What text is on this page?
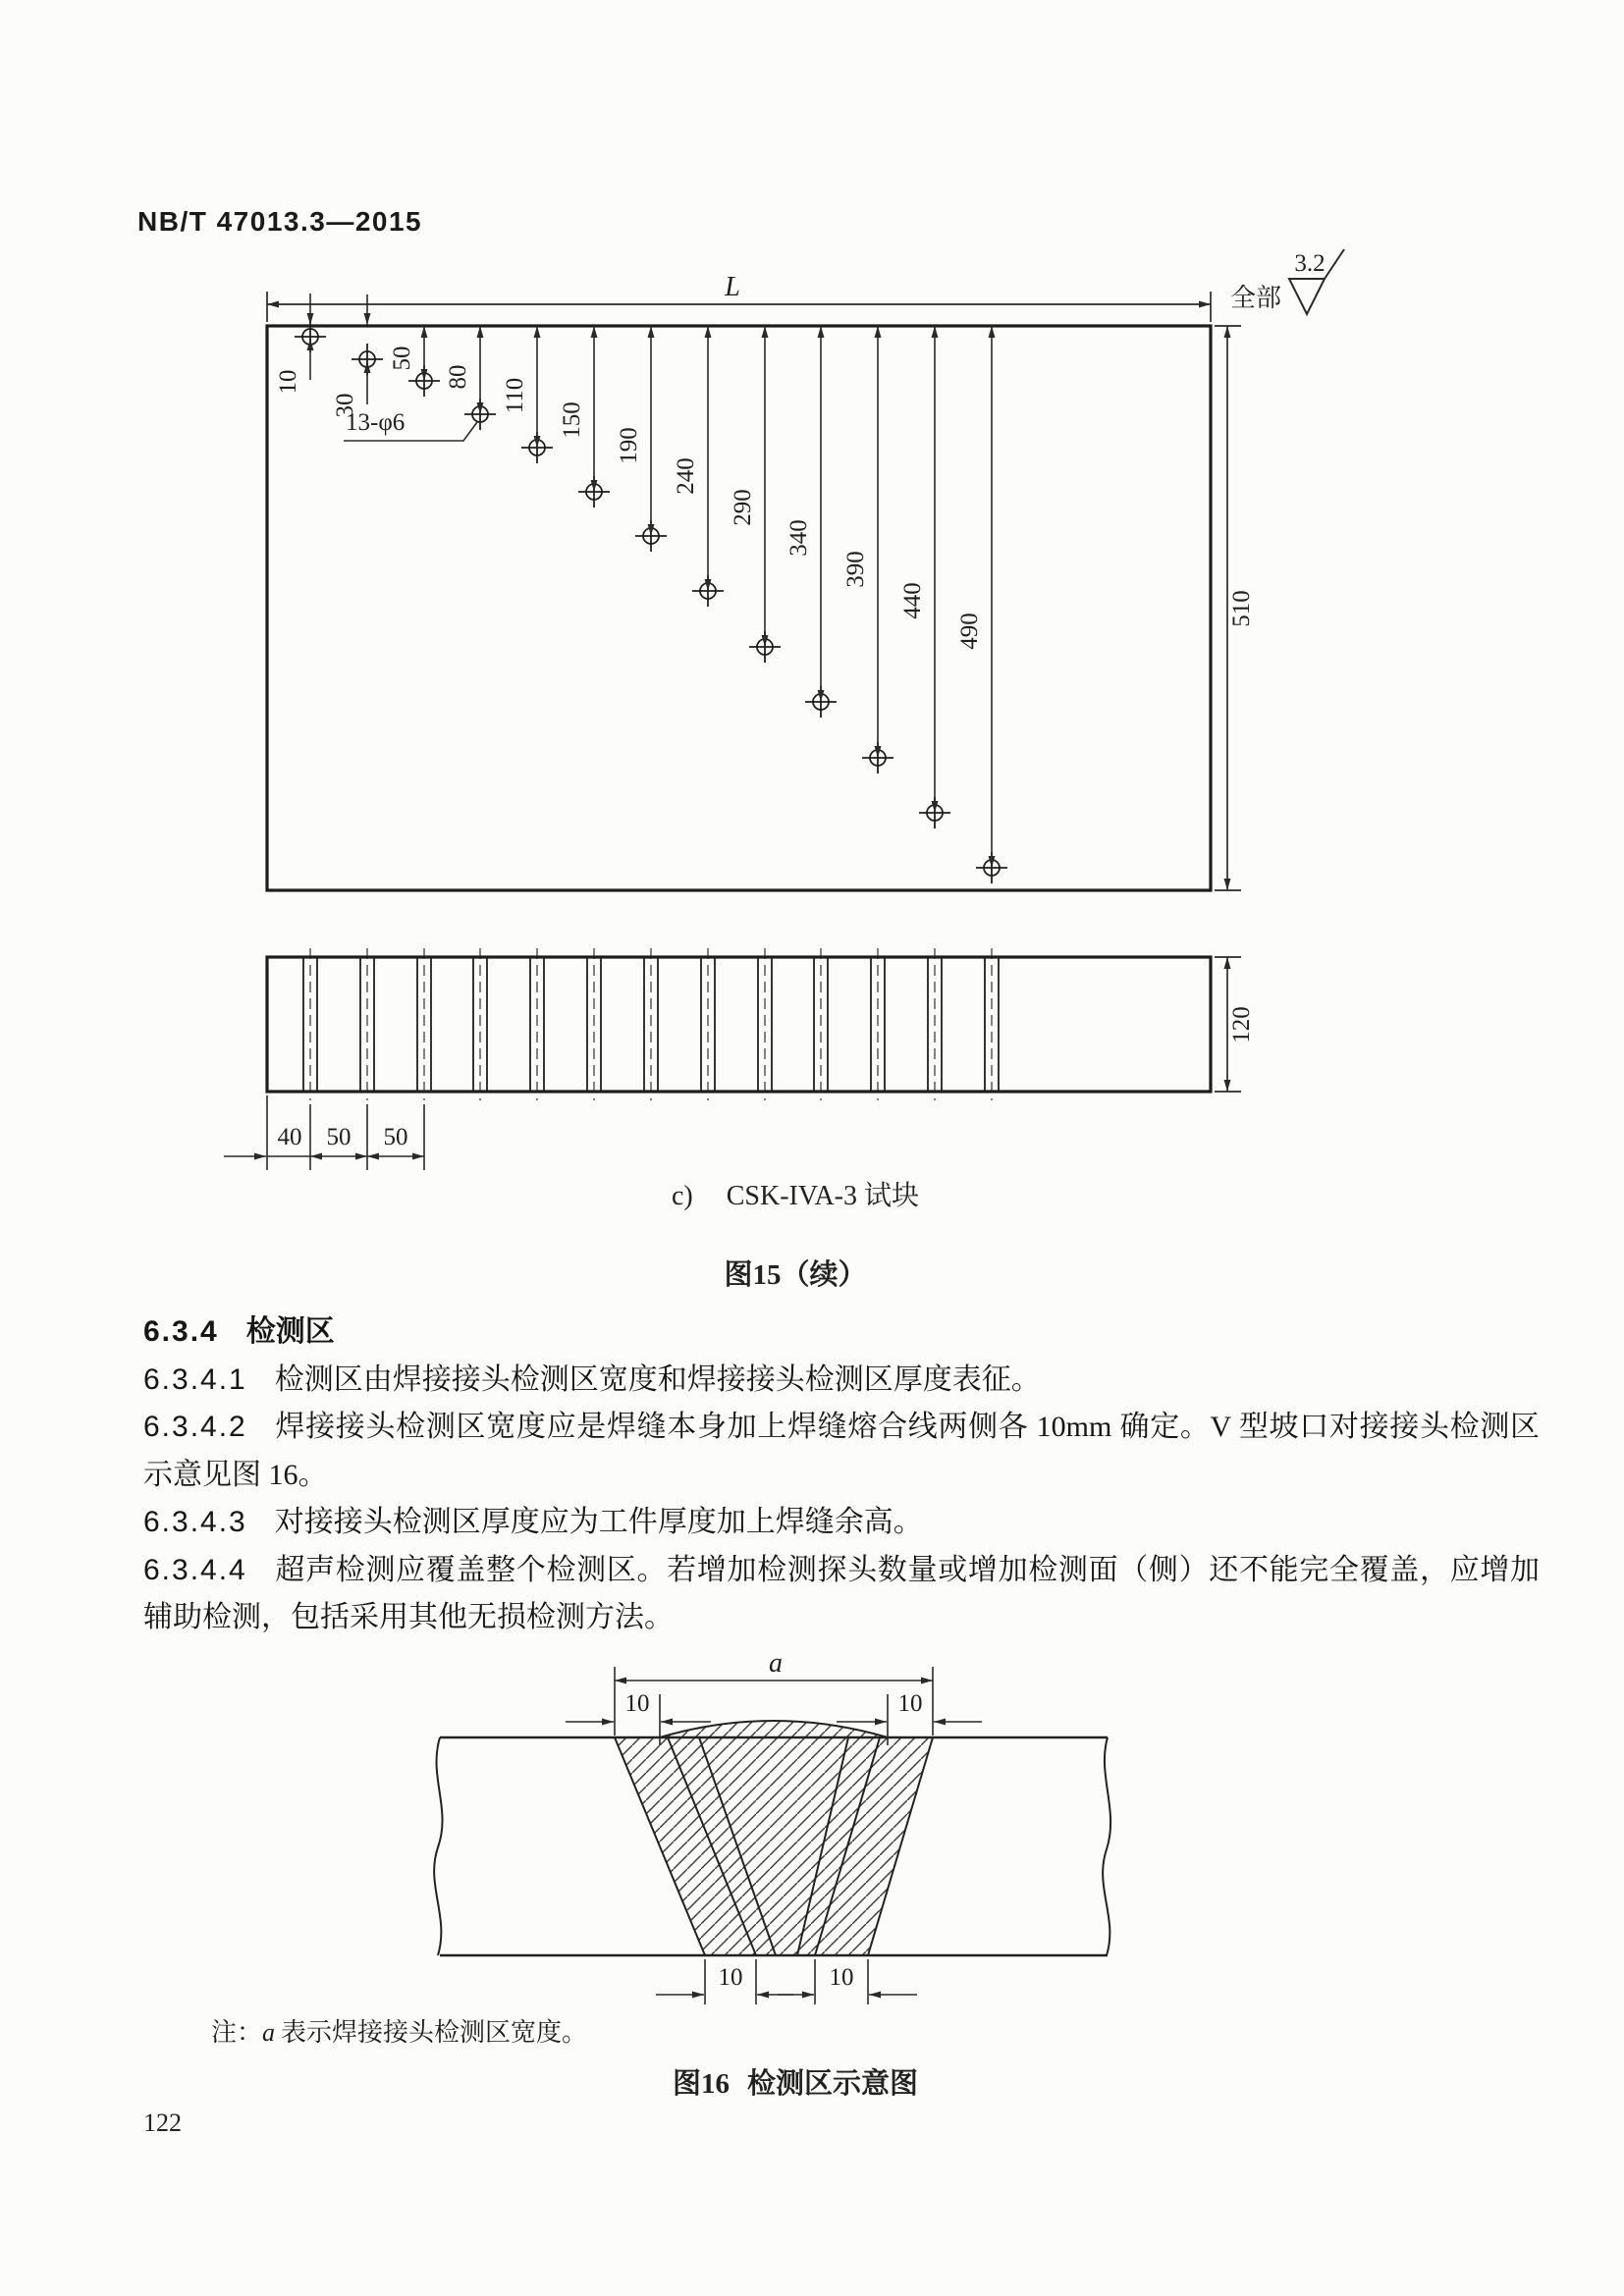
NB/T 47013.3—2015
全部
3.2
L
510
10
30
50
80
110
150
190
240
290
340
390
440
490
13-φ6
120
40 50 50
c) CSK-IVA-3 试块
图15（续）

6.3.4 检测区

6.3.4.1 检测区由焊接接头检测区宽度和焊接接头检测区厚度表征。

6.3.4.2 焊接接头检测区宽度应是焊缝本身加上焊缝熔合线两侧各 10mm 确定。V 型坡口对接接头检测区示意见图 16。

6.3.4.3 对接接头检测区厚度应为工件厚度加上焊缝余高。

6.3.4.4 超声检测应覆盖整个检测区。若增加检测探头数量或增加检测面（侧）还不能完全覆盖，应增加辅助检测，包括采用其他无损检测方法。

a
10	10
10	10
注：a 表示焊接接头检测区宽度。
图16 检测区示意图
122
